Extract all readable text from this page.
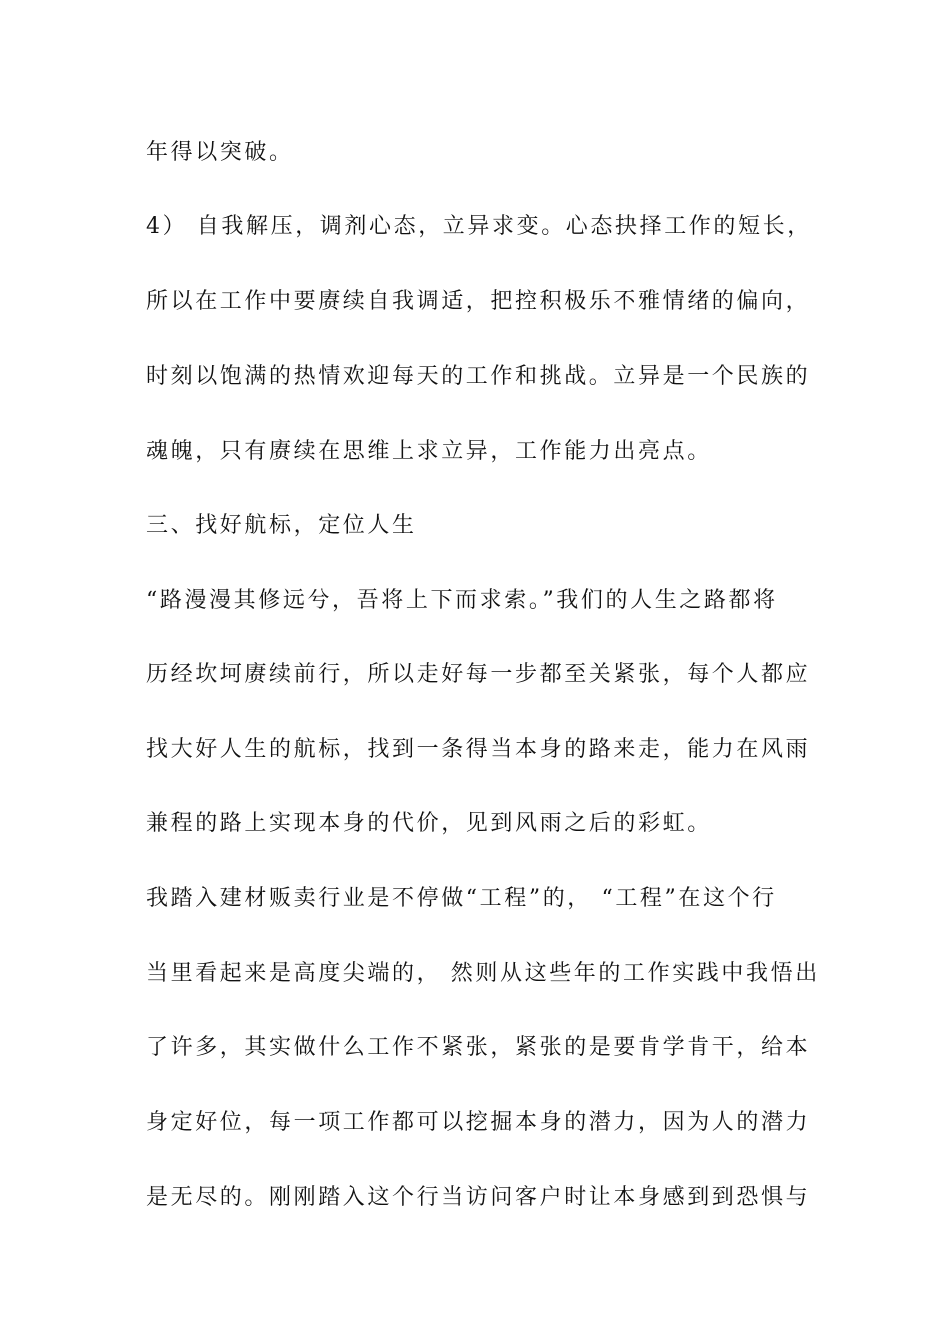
年得以突破。
4） 自我解压，调剂心态，立异求变。心态抉择工作的短长，
所以在工作中要赓续自我调适，把控积极乐不雅情绪的偏向，
时刻以饱满的热情欢迎每天的工作和挑战。立异是一个民族的
魂魄，只有赓续在思维上求立异，工作能力出亮点。
三、找好航标，定位人生
“路漫漫其修远兮，吾将上下而求索。”我们的人生之路都将
历经坎坷赓续前行，所以走好每一步都至关紧张，每个人都应
找大好人生的航标，找到一条得当本身的路来走，能力在风雨
兼程的路上实现本身的代价，见到风雨之后的彩虹。
我踏入建材贩卖行业是不停做“工程”的， “工程”在这个行
当里看起来是高度尖端的， 然则从这些年的工作实践中我悟出
了许多，其实做什么工作不紧张，紧张的是要肯学肯干，给本
身定好位，每一项工作都可以挖掘本身的潜力，因为人的潜力
是无尽的。刚刚踏入这个行当访问客户时让本身感到到恐惧与
